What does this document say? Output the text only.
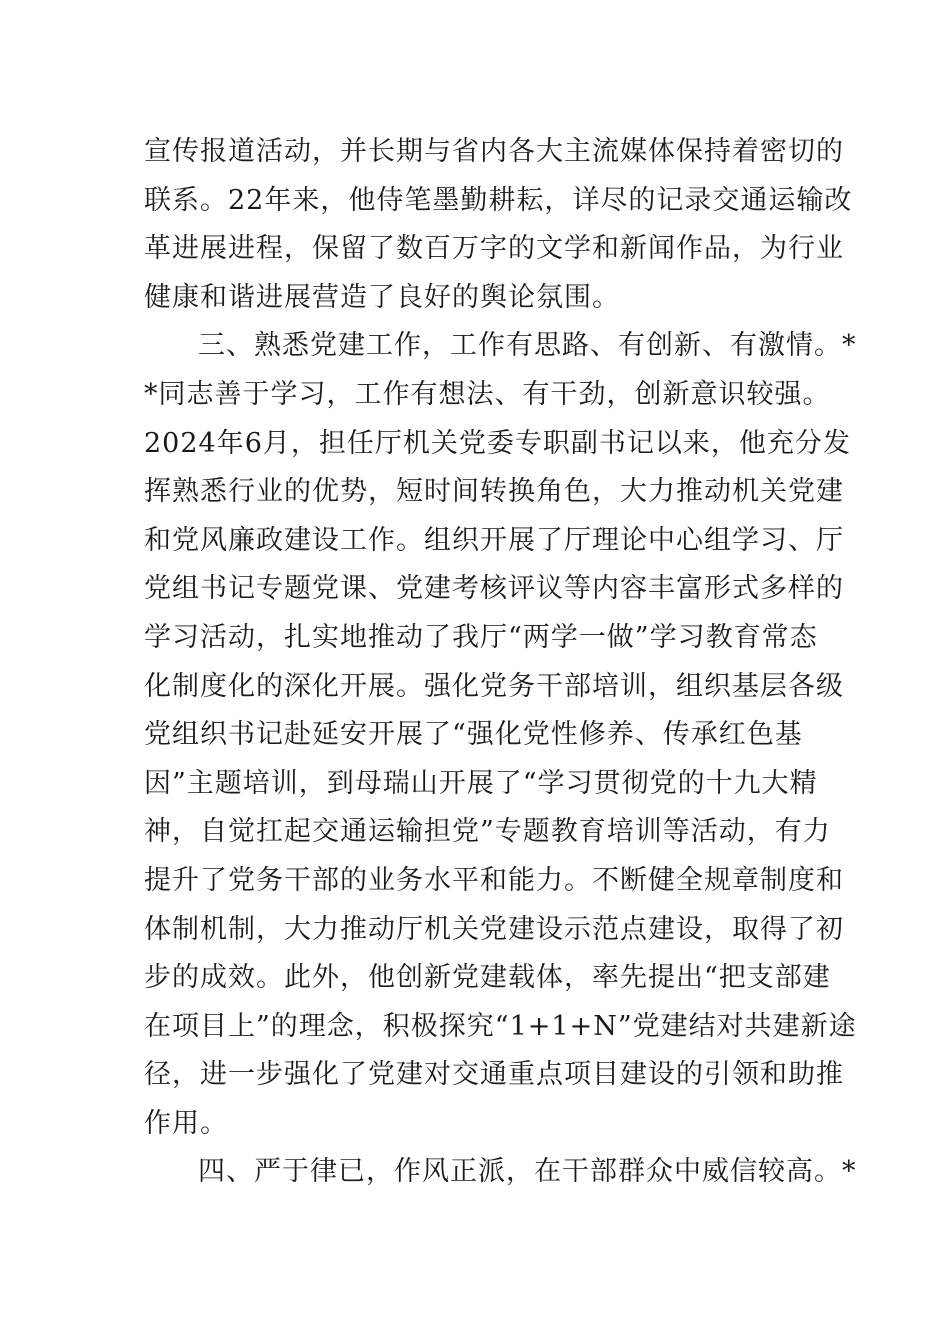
宣传报道活动，并长期与省内各大主流媒体保持着密切的
联系。22年来，他侍笔墨勤耕耘，详尽的记录交通运输改
革进展进程，保留了数百万字的文学和新闻作品，为行业
健康和谐进展营造了良好的舆论氛围。
三、熟悉党建工作，工作有思路、有创新、有激情。*
*同志善于学习，工作有想法、有干劲，创新意识较强。
2024年6月，担任厅机关党委专职副书记以来，他充分发
挥熟悉行业的优势，短时间转换角色，大力推动机关党建
和党风廉政建设工作。组织开展了厅理论中心组学习、厅
党组书记专题党课、党建考核评议等内容丰富形式多样的
学习活动，扎实地推动了我厅“两学一做”学习教育常态
化制度化的深化开展。强化党务干部培训，组织基层各级
党组织书记赴延安开展了“强化党性修养、传承红色基
因”主题培训，到母瑞山开展了“学习贯彻党的十九大精
神，自觉扛起交通运输担党”专题教育培训等活动，有力
提升了党务干部的业务水平和能力。不断健全规章制度和
体制机制，大力推动厅机关党建设示范点建设，取得了初
步的成效。此外，他创新党建载体，率先提出“把支部建
在项目上”的理念，积极探究“1+1+N”党建结对共建新途
径，进一步强化了党建对交通重点项目建设的引领和助推
作用。
四、严于律已，作风正派，在干部群众中威信较高。*
